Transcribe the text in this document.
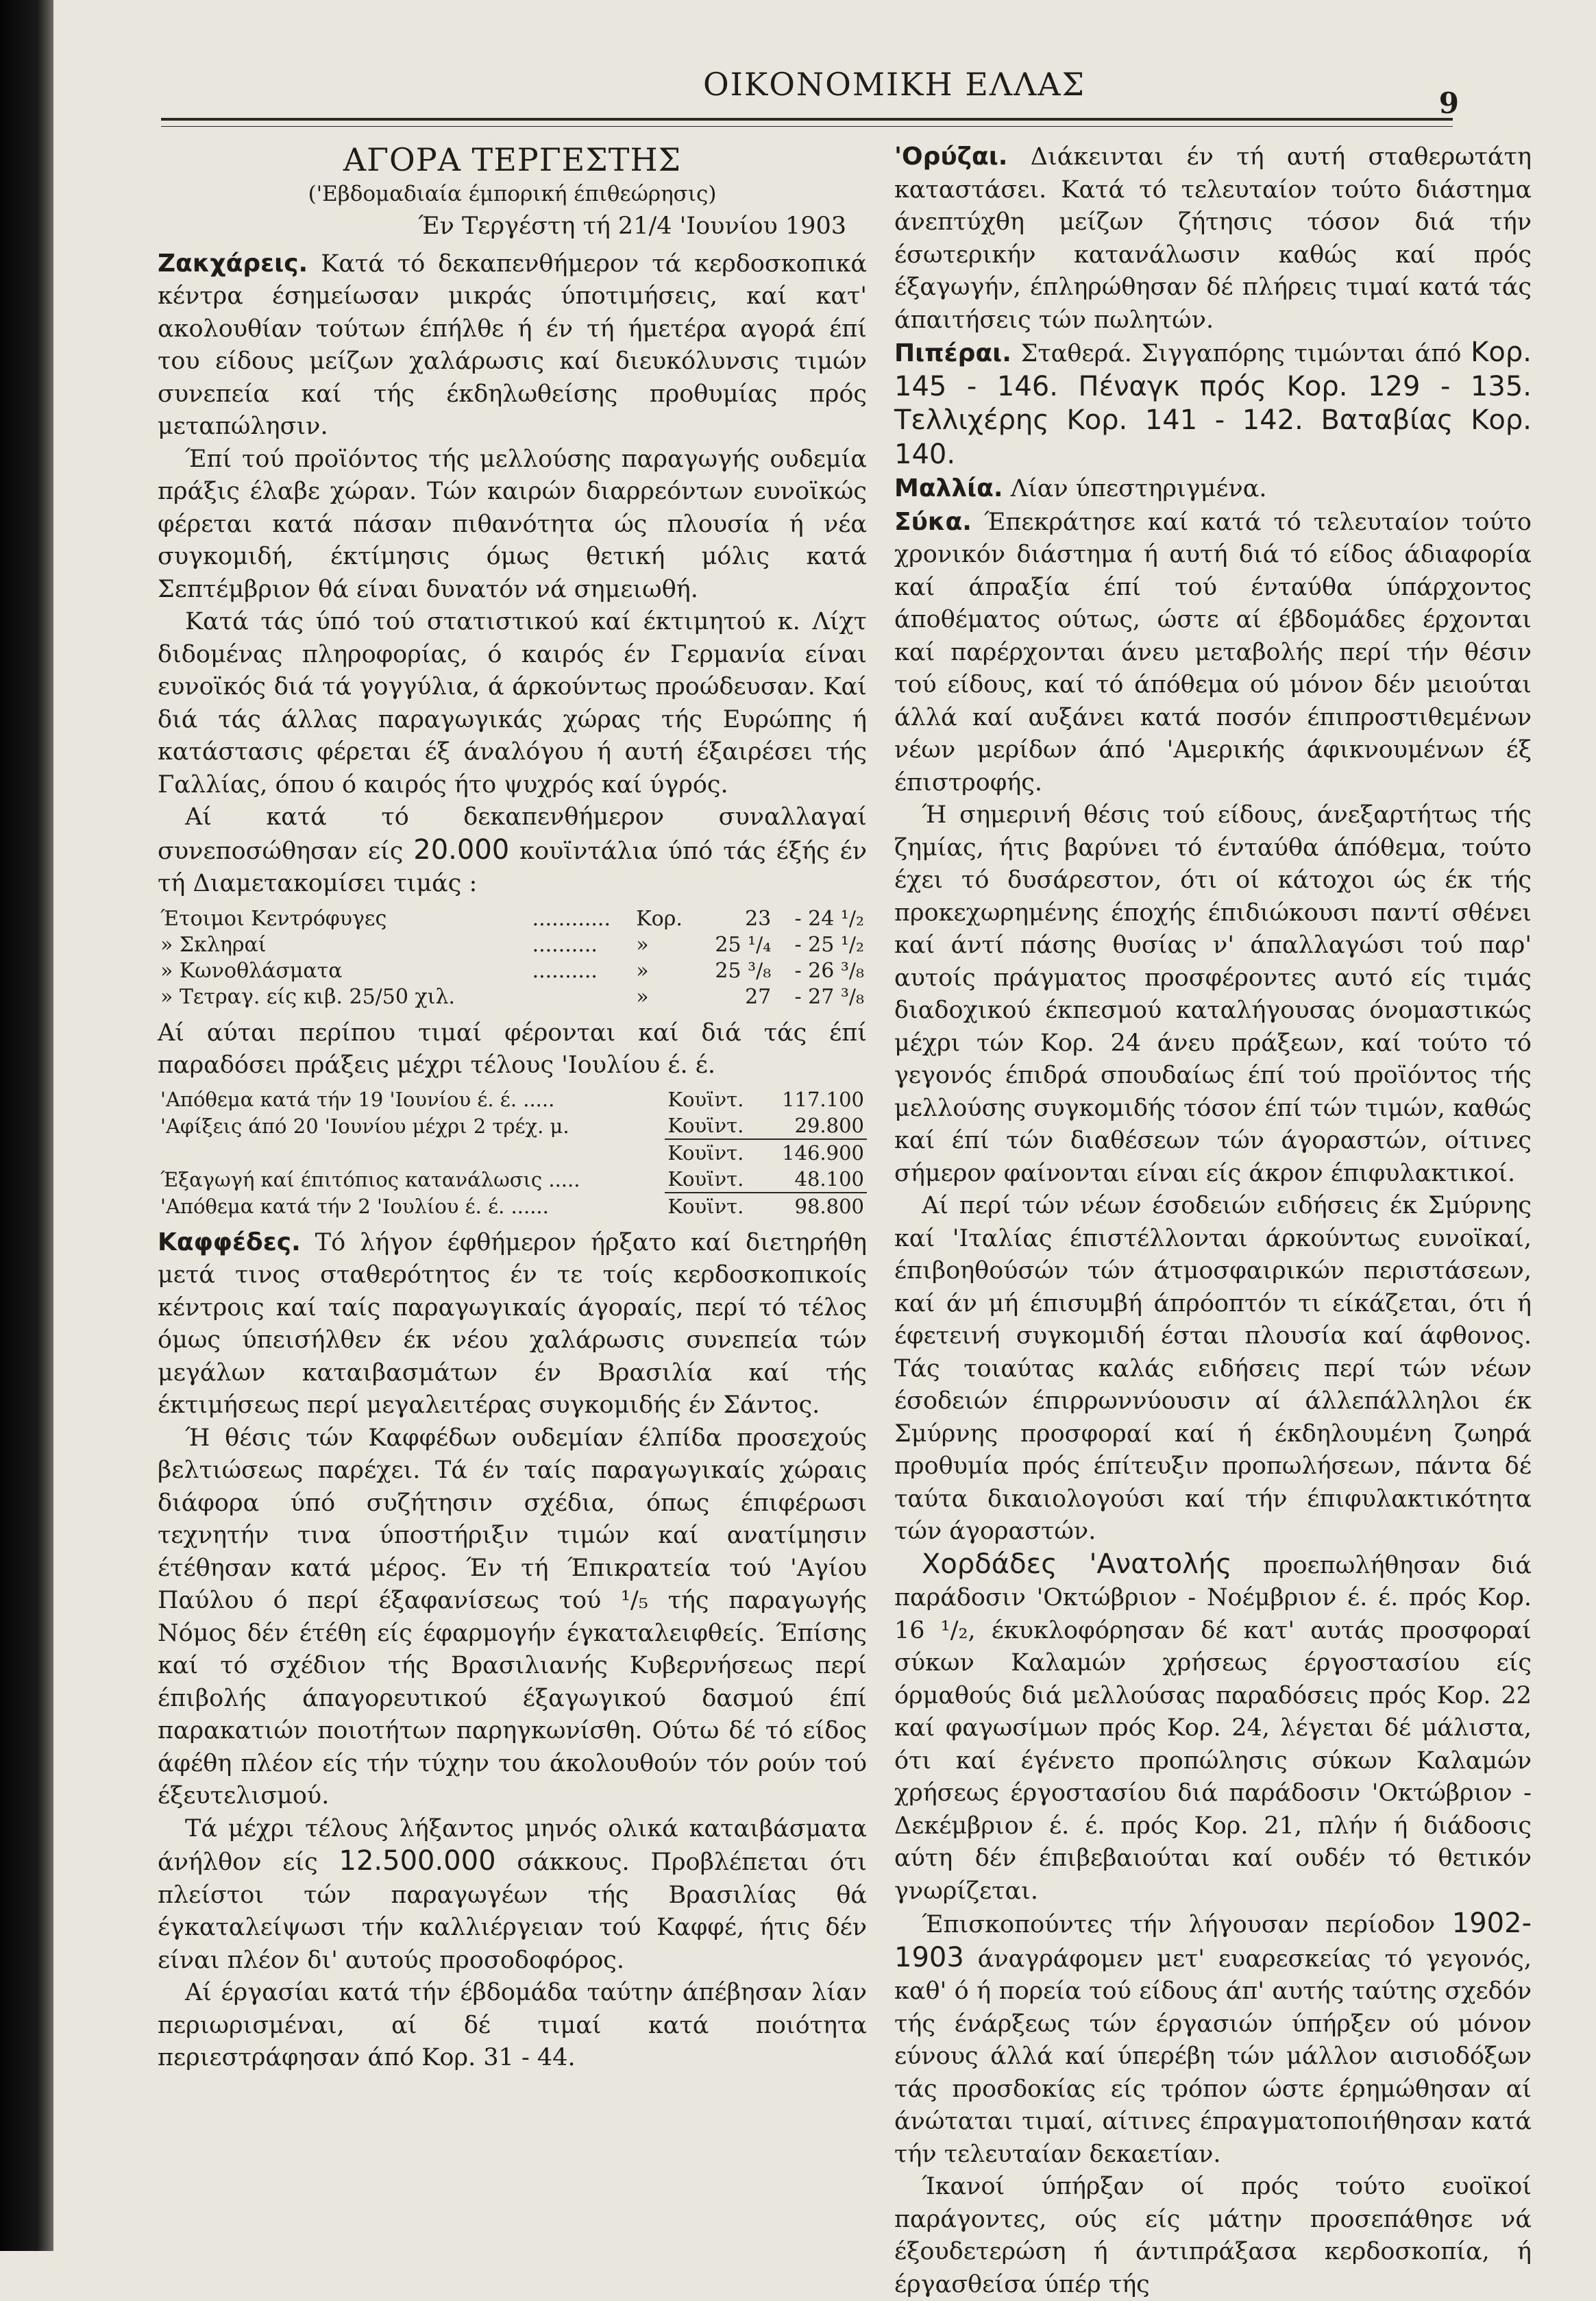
ΟΙΚΟΝΟΜΙΚΗ ΕΛΛΑΣ
9
ΑΓΟΡΑ ΤΕΡΓΕΣΤΗΣ
('Εβδομαδιαία έμπορική έπιθεώρησις)
Έν Τεργέστη τή 21/4 'Ιουνίου 1903

Ζακχάρεις. Κατά τό δεκαπενθήμερον τά κερδοσκοπικά κέντρα έσημείωσαν μικράς ύποτιμήσεις, καί κατ' ακολουθίαν τούτων έπήλθε ή έν τή ήμετέρα αγορά έπί του είδους μείζων χαλάρωσις καί διευκόλυνσις τιμών συνεπεία καί τής έκδηλωθείσης προθυμίας πρός μεταπώλησιν.

Έπί τού προϊόντος τής μελλούσης παραγωγής ουδεμία πράξις έλαβε χώραν. Τών καιρών διαρρεόντων ευνοϊκώς φέρεται κατά πάσαν πιθανότητα ώς πλουσία ή νέα συγκομιδή, έκτίμησις όμως θετική μόλις κατά Σεπτέμβριον θά είναι δυνατόν νά σημειωθή.

Κατά τάς ύπό τού στατιστικού καί έκτιμητού κ. Λίχτ διδομένας πληροφορίας, ό καιρός έν Γερμανία είναι ευνοϊκός διά τά γογγύλια, ά άρκούντως προώδευσαν. Καί διά τάς άλλας παραγωγικάς χώρας τής Ευρώπης ή κατάστασις φέρεται έξ άναλόγου ή αυτή έξαιρέσει τής Γαλλίας, όπου ό καιρός ήτο ψυχρός καί ύγρός.

Αί κατά τό δεκαπενθήμερον συναλλαγαί συνεποσώθησαν είς 20.000 κουϊντάλια ύπό τάς έξής έν τή Διαμετακομίσει τιμάς :

Έτοιμοι Κεντρόφυγες	............	Κορ.	23	- 24 ¹/₂
» Σκληραί	..........	»	25 ¹/₄	- 25 ¹/₂
» Κωνοθλάσματα	..........	»	25 ³/₈	- 26 ³/₈
» Τετραγ. είς κιβ. 25/50 χιλ.		»	27	- 27 ³/₈

Αί αύται περίπου τιμαί φέρονται καί διά τάς έπί παραδόσει πράξεις μέχρι τέλους 'Ιουλίου έ. έ.

'Απόθεμα κατά τήν 19 'Ιουνίου έ. έ. .....	Κουϊντ.	117.100
'Αφίξεις άπό 20 'Ιουνίου μέχρι 2 τρέχ. μ.	Κουϊντ.	29.800
	Κουϊντ.	146.900
Έξαγωγή καί έπιτόπιος κατανάλωσις .....	Κουϊντ.	48.100
'Απόθεμα κατά τήν 2 'Ιουλίου έ. έ. ......	Κουϊντ.	98.800

Καφφέδες. Τό λήγον έφθήμερον ήρξατο καί διετηρήθη μετά τινος σταθερότητος έν τε τοίς κερδοσκοπικοίς κέντροις καί ταίς παραγωγικαίς άγοραίς, περί τό τέλος όμως ύπεισήλθεν έκ νέου χαλάρωσις συνεπεία τών μεγάλων καταιβασμάτων έν Βρασιλία καί τής έκτιμήσεως περί μεγαλειτέρας συγκομιδής έν Σάντος.

Ή θέσις τών Καφφέδων ουδεμίαν έλπίδα προσεχούς βελτιώσεως παρέχει. Τά έν ταίς παραγωγικαίς χώραις διάφορα ύπό συζήτησιν σχέδια, όπως έπιφέρωσι τεχνητήν τινα ύποστήριξιν τιμών καί ανατίμησιν έτέθησαν κατά μέρος. Έν τή Έπικρατεία τού 'Αγίου Παύλου ό περί έξαφανίσεως τού ¹/₅ τής παραγωγής Νόμος δέν έτέθη είς έφαρμογήν έγκαταλειφθείς. Έπίσης καί τό σχέδιον τής Βρασιλιανής Κυβερνήσεως περί έπιβολής άπαγορευτικού έξαγωγικού δασμού έπί παρακατιών ποιοτήτων παρηγκωνίσθη. Ούτω δέ τό είδος άφέθη πλέον είς τήν τύχην του άκολουθούν τόν ρούν τού έξευτελισμού.

Τά μέχρι τέλους λήξαντος μηνός ολικά καταιβάσματα άνήλθον είς 12.500.000 σάκκους. Προβλέπεται ότι πλείστοι τών παραγωγέων τής Βρασιλίας θά έγκαταλείψωσι τήν καλλιέργειαν τού Καφφέ, ήτις δέν είναι πλέον δι' αυτούς προσοδοφόρος.

Αί έργασίαι κατά τήν έβδομάδα ταύτην άπέβησαν λίαν περιωρισμέναι, αί δέ τιμαί κατά ποιότητα περιεστράφησαν άπό Κορ. 31 - 44.

'Ορύζαι. Διάκεινται έν τή αυτή σταθερωτάτη καταστάσει. Κατά τό τελευταίον τούτο διάστημα άνεπτύχθη μείζων ζήτησις τόσον διά τήν έσωτερικήν κατανάλωσιν καθώς καί πρός έξαγωγήν, έπληρώθησαν δέ πλήρεις τιμαί κατά τάς άπαιτήσεις τών πωλητών.

Πιπέραι. Σταθερά. Σιγγαπόρης τιμώνται άπό Κορ. 145 - 146. Πέναγκ πρός Κορ. 129 - 135. Τελλιχέρης Κορ. 141 - 142. Βαταβίας Κορ. 140.

Μαλλία. Λίαν ύπεστηριγμένα.

Σύκα. Έπεκράτησε καί κατά τό τελευταίον τούτο χρονικόν διάστημα ή αυτή διά τό είδος άδιαφορία καί άπραξία έπί τού ένταύθα ύπάρχοντος άποθέματος ούτως, ώστε αί έβδομάδες έρχονται καί παρέρχονται άνευ μεταβολής περί τήν θέσιν τού είδους, καί τό άπόθεμα ού μόνον δέν μειούται άλλά καί αυξάνει κατά ποσόν έπιπροστιθεμένων νέων μερίδων άπό 'Αμερικής άφικνουμένων έξ έπιστροφής.

Ή σημερινή θέσις τού είδους, άνεξαρτήτως τής ζημίας, ήτις βαρύνει τό ένταύθα άπόθεμα, τούτο έχει τό δυσάρεστον, ότι οί κάτοχοι ώς έκ τής προκεχωρημένης έποχής έπιδιώκουσι παντί σθένει καί άντί πάσης θυσίας ν' άπαλλαγώσι τού παρ' αυτοίς πράγματος προσφέροντες αυτό είς τιμάς διαδοχικού έκπεσμού καταλήγουσας όνομαστικώς μέχρι τών Κορ. 24 άνευ πράξεων, καί τούτο τό γεγονός έπιδρά σπουδαίως έπί τού προϊόντος τής μελλούσης συγκομιδής τόσον έπί τών τιμών, καθώς καί έπί τών διαθέσεων τών άγοραστών, οίτινες σήμερον φαίνονται είναι είς άκρον έπιφυλακτικοί.

Αί περί τών νέων έσοδειών ειδήσεις έκ Σμύρνης καί 'Ιταλίας έπιστέλλονται άρκούντως ευνοϊκαί, έπιβοηθούσών τών άτμοσφαιρικών περιστάσεων, καί άν μή έπισυμβή άπρόοπτόν τι είκάζεται, ότι ή έφετεινή συγκομιδή έσται πλουσία καί άφθονος. Τάς τοιαύτας καλάς ειδήσεις περί τών νέων έσοδειών έπιρρωννύουσιν αί άλλεπάλληλοι έκ Σμύρνης προσφοραί καί ή έκδηλουμένη ζωηρά προθυμία πρός έπίτευξιν προπωλήσεων, πάντα δέ ταύτα δικαιολογούσι καί τήν έπιφυλακτικότητα τών άγοραστών.

Χορδάδες 'Ανατολής προεπωλήθησαν διά παράδοσιν 'Οκτώβριον - Νοέμβριον έ. έ. πρός Κορ. 16 ¹/₂, έκυκλοφόρησαν δέ κατ' αυτάς προσφοραί σύκων Καλαμών χρήσεως έργοστασίου είς όρμαθούς διά μελλούσας παραδόσεις πρός Κορ. 22 καί φαγωσίμων πρός Κορ. 24, λέγεται δέ μάλιστα, ότι καί έγένετο προπώλησις σύκων Καλαμών χρήσεως έργοστασίου διά παράδοσιν 'Οκτώβριον - Δεκέμβριον έ. έ. πρός Κορ. 21, πλήν ή διάδοσις αύτη δέν έπιβεβαιούται καί ουδέν τό θετικόν γνωρίζεται.

Έπισκοπούντες τήν λήγουσαν περίοδον 1902-1903 άναγράφομεν μετ' ευαρεσκείας τό γεγονός, καθ' ό ή πορεία τού είδους άπ' αυτής ταύτης σχεδόν τής ένάρξεως τών έργασιών ύπήρξεν ού μόνον εύνους άλλά καί ύπερέβη τών μάλλον αισιοδόξων τάς προσδοκίας είς τρόπον ώστε έρημώθησαν αί άνώταται τιμαί, αίτινες έπραγματοποιήθησαν κατά τήν τελευταίαν δεκαετίαν.

Ίκανοί ύπήρξαν οί πρός τούτο ευοϊκοί παράγοντες, ούς είς μάτην προσεπάθησε νά έξουδετερώση ή άντιπράξασα κερδοσκοπία, ή έργασθείσα ύπέρ τής
